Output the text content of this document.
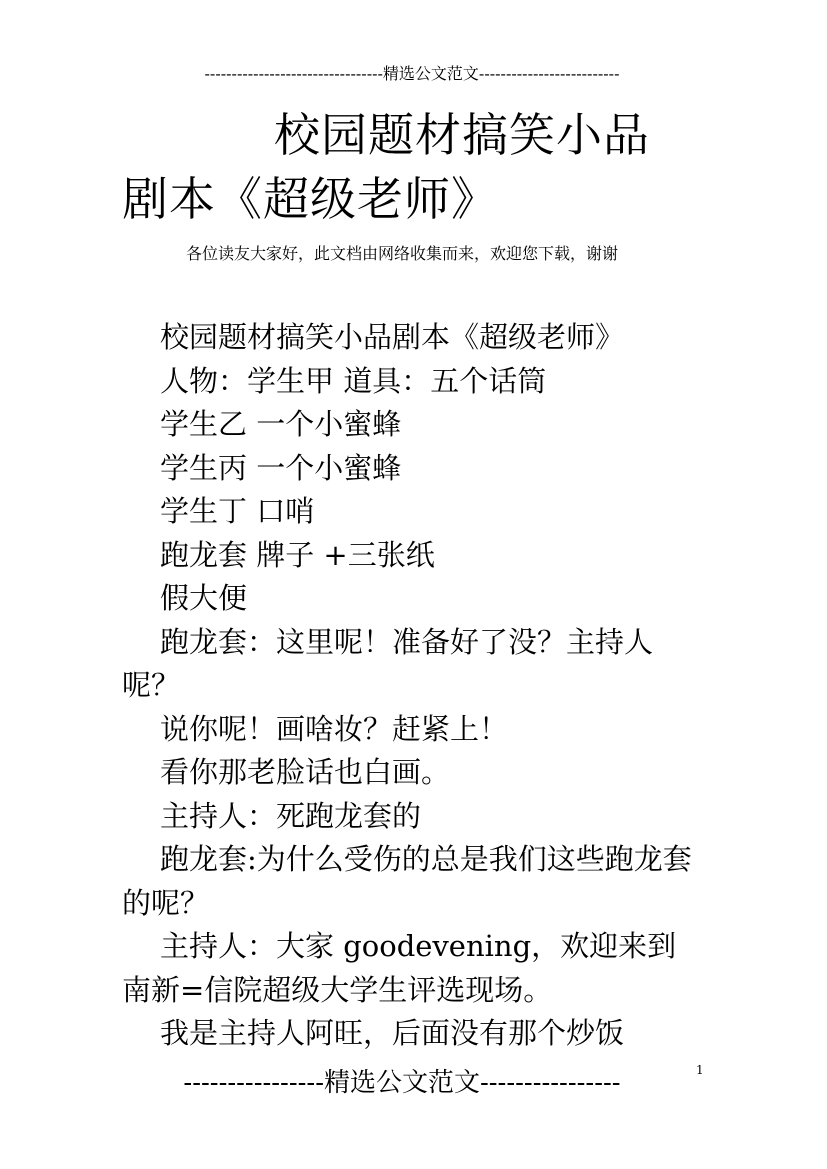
---------------------------------精选公文范文--------------------------
校园题材搞笑小品
剧本《超级老师》
各位读友大家好，此文档由网络收集而来，欢迎您下载，谢谢

校园题材搞笑小品剧本《超级老师》

人物：学生甲 道具：五个话筒

学生乙 一个小蜜蜂

学生丙 一个小蜜蜂

学生丁 口哨

跑龙套 牌子 +三张纸

假大便

跑龙套：这里呢！准备好了没？主持人呢？

说你呢！画啥妆？赶紧上！

看你那老脸话也白画。

主持人：死跑龙套的

跑龙套:为什么受伤的总是我们这些跑龙套的呢？

主持人：大家 goodevening，欢迎来到南新=信院超级大学生评选现场。

我是主持人阿旺，后面没有那个炒饭

1
----------------精选公文范文----------------
